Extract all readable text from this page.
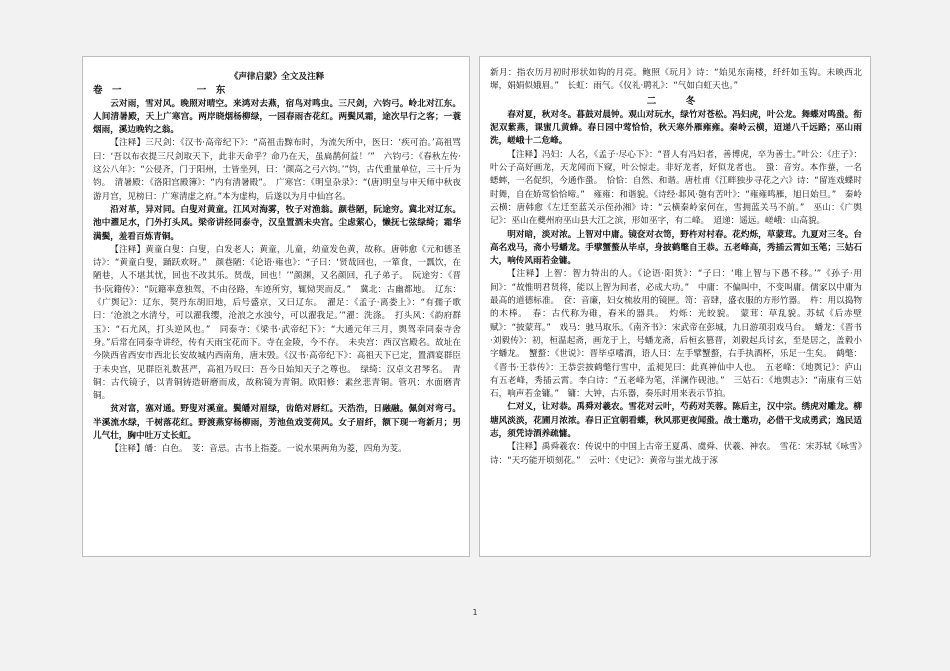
《声律启蒙》全文及注释

卷　一	一　东

云对雨，雪对风。晚照对晴空。来鸿对去燕，宿鸟对鸣虫。三尺剑，六钧弓。岭北对江东。人间清暑殿，天上广寒宫。两岸晓烟杨柳绿，一园春雨杏花红。两鬓风霜，途次早行之客；一蓑烟雨，溪边晚钓之翁。

【注释】三尺剑：《汉书·高帝纪下》：“高祖击黥布时，为流矢所中，医曰：‘疾可治。’高祖骂曰：‘吾以布衣提三尺剑取天下，此非天命乎？命乃在天，虽扁鹊何益！’”　六钧弓：《春秋左传·这公八年》：“公侵齐，门于阳州，士皆坐列，曰：‘颜高之弓六钧。’”钧，古代重量单位，三十斤为钧。　清暑殿：《洛阳宫殿簿》：“内有清暑殿”。　广寒宫：《明皇杂录》：“(唐)明皇与申天师中秋夜游月宫，见榜曰：广寒清虚之府。”本为虚构，后遂以为月中仙宫名。

沿对革，异对同。白叟对黄童。江风对海雾，牧子对渔翁。颜巷陋，阮途穷。冀北对辽东。池中濯足水，门外打头风。梁帝讲经同泰寺，汉皇置酒未央宫。尘虑萦心，懒抚七弦绿绮；霜华满鬓，羞看百炼青铜。

【注释】黄童白叟：白叟，白发老人；黄童，儿童，幼童发色黄，故称。唐韩愈《元和德圣诗》：“黄童白叟，踊跃欢呀。”　颜巷陋：《论语·雍也》：“子曰：‘贤哉回也，一箪食，一瓢饮，在陋巷，人不堪其忧，回也不改其乐。贤哉，回也！’”颜渊，又名颜回，孔子弟子。　阮途穷：《晋书·阮籍传》：“阮籍率意独驾，不由径路，车迹所穷，辄恸哭而反。”　冀北：古幽都地。　辽东：《广舆记》：辽东，契丹东胡旧地，后号盛京，又曰辽东。　濯足：《孟子·离娄上》：“有孺子歌曰：‘沧浪之水清兮，可以濯我缨，沧浪之水浊兮，可以濯我足。’”濯：洗涤。　打头风：《韵府群玉》：“石尤风，打头逆风也。”　同泰寺：《梁书·武帝纪下》：“大通元年三月，舆驾幸同泰寺舍身。”后常在同泰寺讲经，传有天雨宝花而下。寺在金陵，今不存。　未央宫：西汉宫殿名。故址在今陕西省西安市西北长安故城内西南角，唐末毁。《汉书·高帝纪下》：高祖天下已定，置酒宴群臣于未央宫，见群臣礼数甚严，高祖乃叹曰：吾今日始知天子之尊也。　绿绮：汉卓文君琴名。　青铜：古代镜子，以青铜铸造研磨而成，故称镜为青铜。欧阳修：素丝悲青铜。管巩：水面磨青铜。

贫对富，塞对通。野叟对溪童。鬓皤对眉绿，齿皓对唇红。天浩浩，日融融。佩剑对弯弓。半溪流水绿，千树落花红。野渡燕穿杨柳雨，芳池鱼戏芰荷风。女子眉纤，额下现一弯新月；男儿气壮，胸中吐万丈长虹。

【注释】皤：白色。　芰：音忌。古书上指菱。一说水果两角为菱，四角为芰。

新月：指农历月初时形状如钩的月亮。鲍照《玩月》诗：“始见东南楼，纤纤如玉钩。未映西北墀，娟娟似娥眉。”　长虹：雨气。《仪礼·聘礼》：“气如白虹天也。”

二　冬

春对夏，秋对冬。暮鼓对晨钟。观山对玩水，绿竹对苍松。冯妇虎，叶公龙。舞蝶对鸣蛩。衔泥双紫燕，课蜜几黄蜂。春日园中莺恰恰，秋天寒外雁雍雍。秦岭云横，迢递八千远路；巫山雨洗，嵯峨十二危峰。

【注释】冯妇：人名，《孟子·尽心下》：“晋人有冯妇者，善博虎，卒为善士。”叶公：《庄子》：叶公子高好画龙，天龙闻而下窥，叶公惊走。非好龙者，好似龙者也。　蛩：音穷。本作蛬，一名蟋蟀，一名促织，今通作蛩。　恰恰：自然、和谐。唐杜甫《江畔独步寻花之六》诗：“留连戏蝶时时舞，自在娇莺恰恰啼。”　雍雍：和谐貌。《诗经·邶风·匏有苦叶》：“雍雍鸣雁，旭日始旦。”　秦岭云横：唐韩愈《左迁至蓝关示侄孙湘》诗：“云横秦岭家何在，雪拥蓝关马不前。”　巫山：《广舆记》：巫山在夔州府巫山县大江之滨，形如巫字，有二峰。　迢递：遥远。嵯峨：山高貌。

明对暗，淡对浓。上智对中庸。镜奁对衣笥，野杵对村春。花灼烁，草蒙茸。九夏对三冬。台高名戏马，斋小号蟠龙。手擘蟹螯从毕卓，身披鹤氅自王恭。五老峰高，秀插云霄如玉笔；三姑石大，响传风雨若金镛。

【注释】上智：智力特出的人。《论语·阳货》：“子曰：‘唯上智与下愚不移。’”《孙子·用间》：“故惟明君贤将，能以上智为间者，必成大功。”　中庸：不偏叫中，不变叫庸。儒家以中庸为最高的道德标准。　奁：音廉，妇女梳妆用的镜匣。笥：音肆，盛衣服的方形竹器。　杵：用以捣物的木棒。　春：古代称为碓，舂米的器具。　灼烁：光皎貌。　蒙茸：草乱貌。苏轼《后赤壁赋》：“披蒙茸。”　戏马：驰马取乐。《南齐书》：宋武帝在彭城，九日游项羽戏马台。　蟠龙：《晋书·刘毅传》：初，桓温起斋，画龙于上，号蟠龙斋，后桓玄篡晋，刘毅起兵讨玄，至是居之，盖毅小字蟠龙。　蟹螯：《世说》：晋毕卓嗜酒，语人曰：左手擘蟹螯，右手执酒杯，乐足一生矣。　鹤氅：《晋书·王恭传》：王恭尝披鹤氅行雪中，孟昶见曰：此真神仙中人也。　五老峰：《地舆记》：庐山有五老峰，秀插云霄。李白诗：“五老峰为笔，洋澜作砚池。”　三姑石：《地舆志》：“南康有三姑石，响声若金镛。”　镛：大钟，古乐器，奏乐时用来表示节拍。

仁对义，让对恭。禹舜对羲农。雪花对云叶，芍药对芙蓉。陈后主，汉中宗。绣虎对雕龙。柳塘风淡淡，花圃月浓浓。春日正宜朝看蝶，秋风那更夜闻蛩。战士邀功，必借干戈成勇武；逸民适志，须凭诗酒养疏慵。

【注释】禹舜羲农：传说中的中国上古帝王夏禹、虞舜、伏羲、神农。　雪花：宋苏轼《咏雪》诗：“天巧能开顷刻花。”　云叶：《史记》：黄帝与蚩尤战于涿

1
